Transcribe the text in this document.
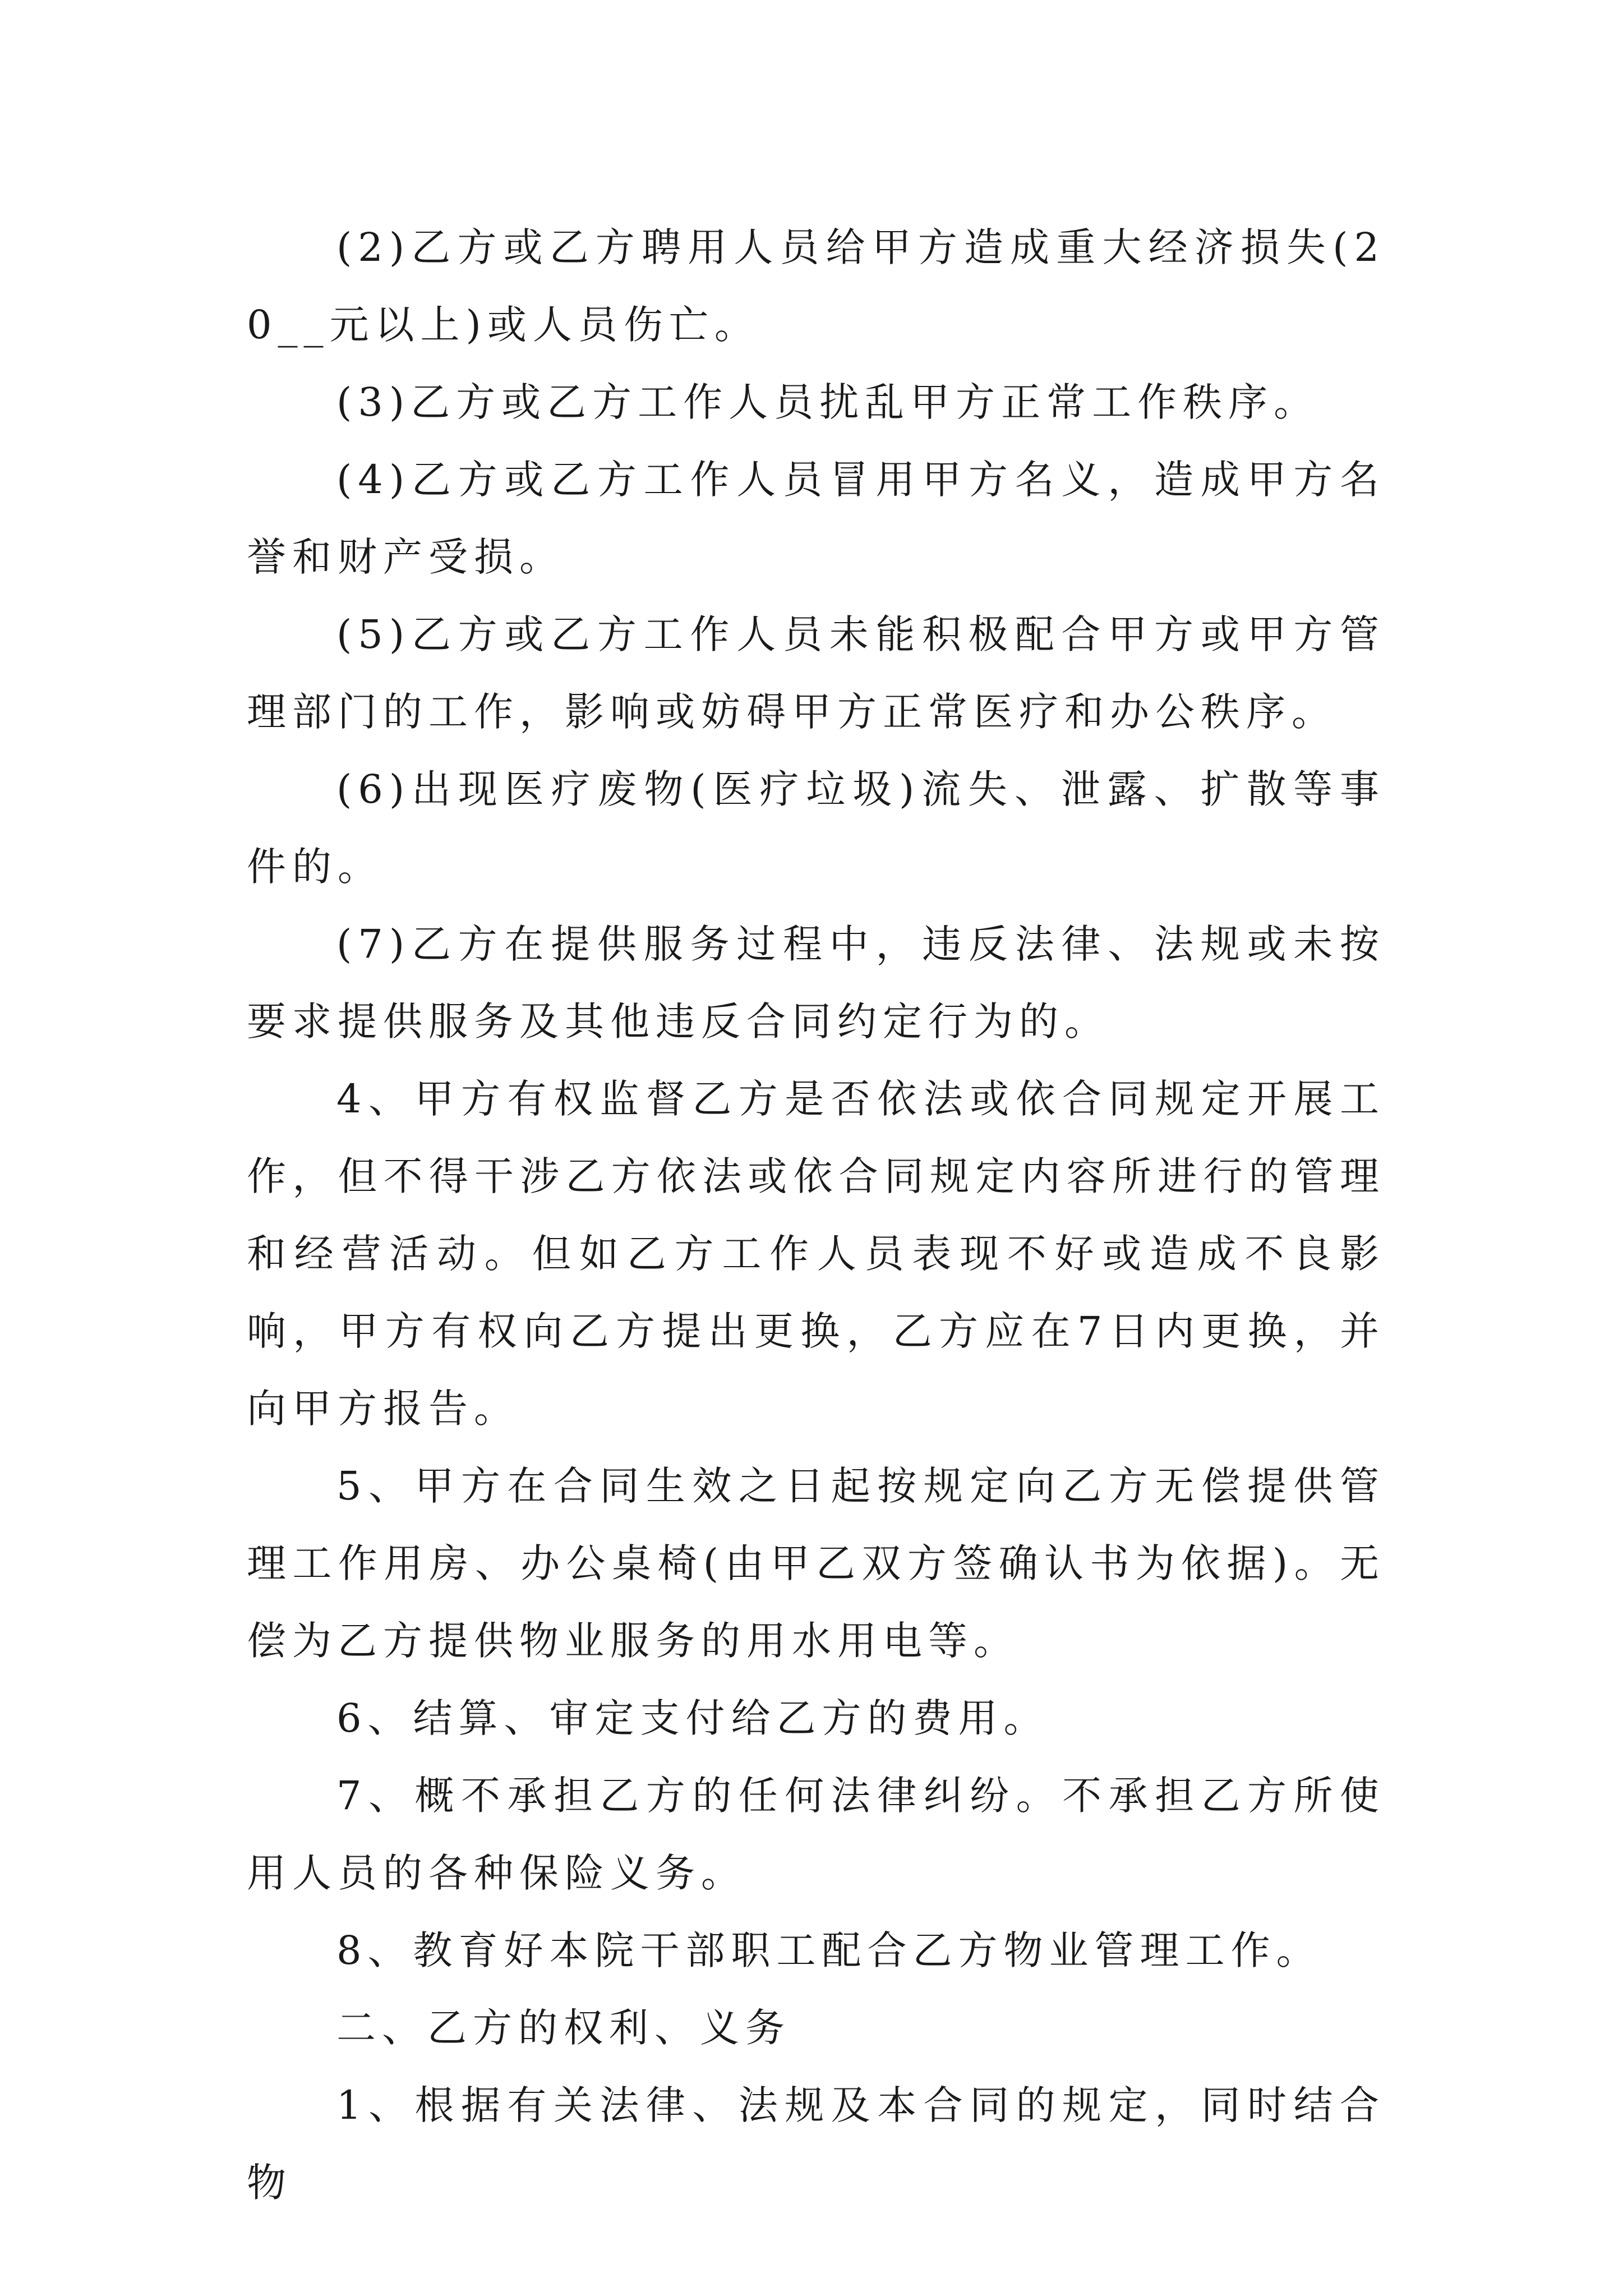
(2)乙方或乙方聘用人员给甲方造成重大经济损失(20__元以上)或人员伤亡。

(3)乙方或乙方工作人员扰乱甲方正常工作秩序。

(4)乙方或乙方工作人员冒用甲方名义，造成甲方名誉和财产受损。

(5)乙方或乙方工作人员未能积极配合甲方或甲方管理部门的工作，影响或妨碍甲方正常医疗和办公秩序。

(6)出现医疗废物(医疗垃圾)流失、泄露、扩散等事件的。

(7)乙方在提供服务过程中，违反法律、法规或未按要求提供服务及其他违反合同约定行为的。

4、甲方有权监督乙方是否依法或依合同规定开展工作，但不得干涉乙方依法或依合同规定内容所进行的管理和经营活动。但如乙方工作人员表现不好或造成不良影响，甲方有权向乙方提出更换，乙方应在7日内更换，并向甲方报告。

5、甲方在合同生效之日起按规定向乙方无偿提供管理工作用房、办公桌椅(由甲乙双方签确认书为依据)。无偿为乙方提供物业服务的用水用电等。

6、结算、审定支付给乙方的费用。

7、概不承担乙方的任何法律纠纷。不承担乙方所使用人员的各种保险义务。

8、教育好本院干部职工配合乙方物业管理工作。

二、乙方的权利、义务

1、根据有关法律、法规及本合同的规定，同时结合物
